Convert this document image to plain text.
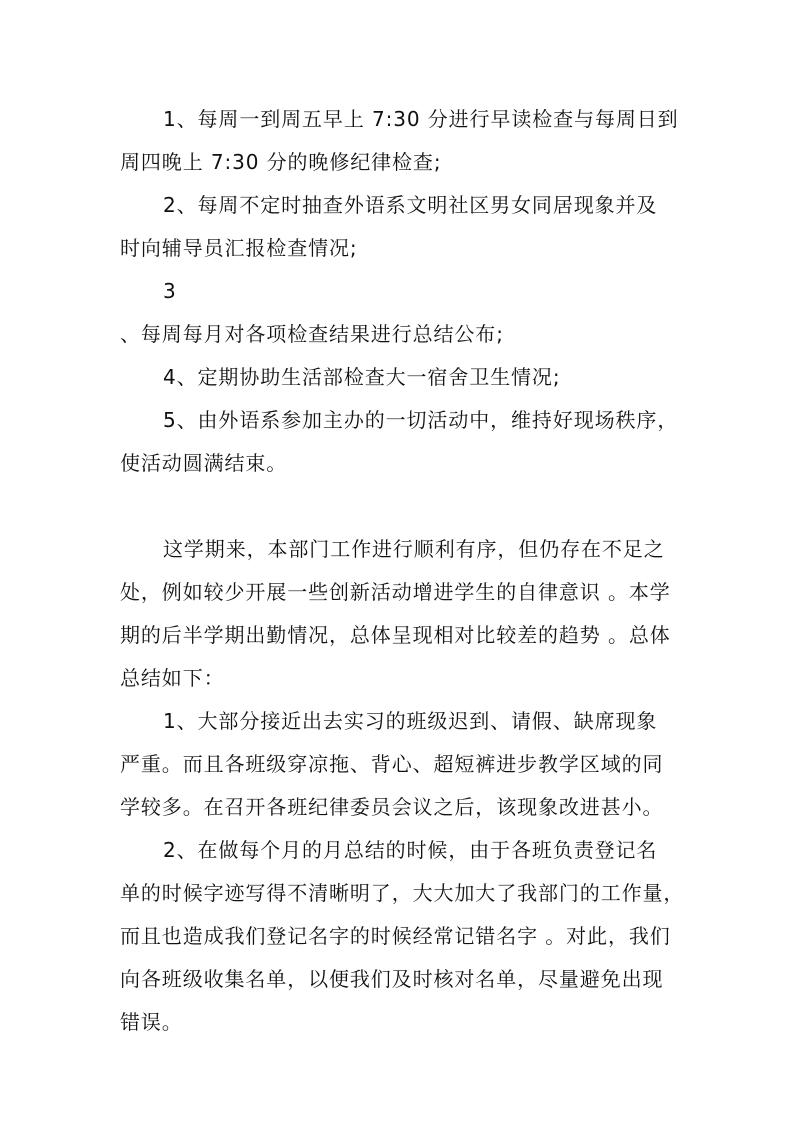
1、每周一到周五早上 7:30 分进行早读检查与每周日到
周四晚上 7:30 分的晚修纪律检查;
2、每周不定时抽查外语系文明社区男女同居现象并及
时向辅导员汇报检查情况;
3
、每周每月对各项检查结果进行总结公布;
4、定期协助生活部检查大一宿舍卫生情况;
5、由外语系参加主办的一切活动中，维持好现场秩序，
使活动圆满结束。
这学期来，本部门工作进行顺利有序，但仍存在不足之
处，例如较少开展一些创新活动增进学生的自律意识 。本学
期的后半学期出勤情况，总体呈现相对比较差的趋势 。总体
总结如下：
1、大部分接近出去实习的班级迟到、请假、缺席现象
严重。而且各班级穿凉拖、背心、超短裤进步教学区域的同
学较多。在召开各班纪律委员会议之后，该现象改进甚小。
2、在做每个月的月总结的时候，由于各班负责登记名
单的时候字迹写得不清晰明了，大大加大了我部门的工作量，
而且也造成我们登记名字的时候经常记错名字 。对此，我们
向各班级收集名单，以便我们及时核对名单，尽量避免出现
错误。
